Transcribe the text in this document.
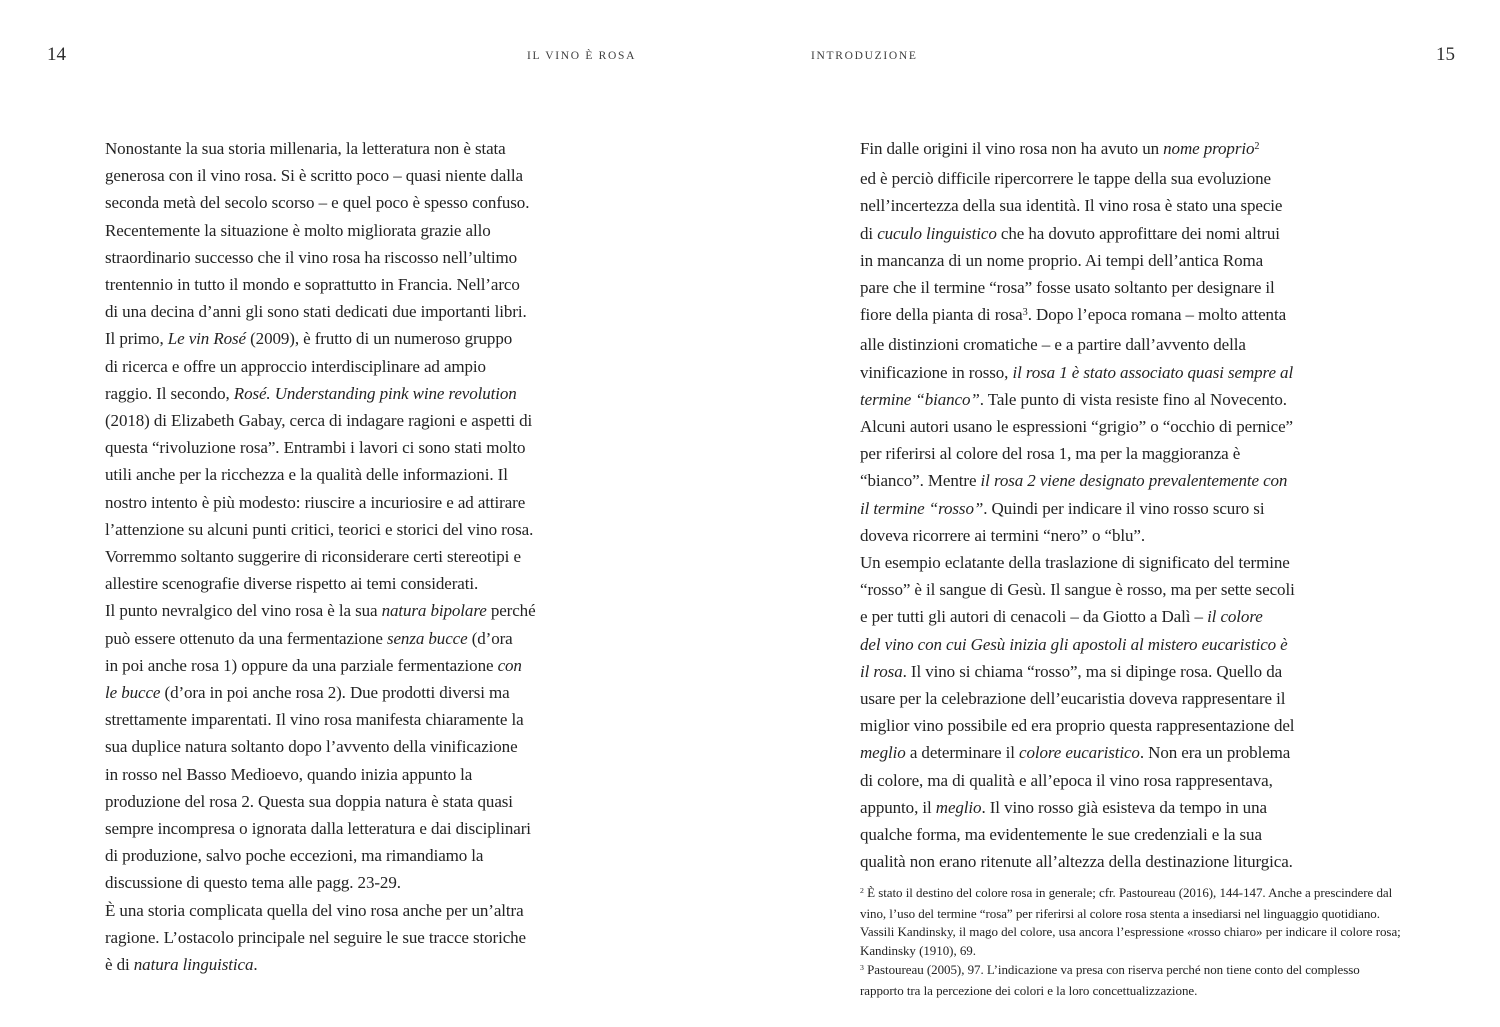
14	IL VINO È ROSA	INTRODUZIONE	15
Nonostante la sua storia millenaria, la letteratura non è stata
generosa con il vino rosa. Si è scritto poco – quasi niente dalla
seconda metà del secolo scorso – e quel poco è spesso confuso.
Recentemente la situazione è molto migliorata grazie allo
straordinario successo che il vino rosa ha riscosso nell’ultimo
trentennio in tutto il mondo e soprattutto in Francia. Nell’arco
di una decina d’anni gli sono stati dedicati due importanti libri.
Il primo, Le vin Rosé (2009), è frutto di un numeroso gruppo
di ricerca e offre un approccio interdisciplinare ad ampio
raggio. Il secondo, Rosé. Understanding pink wine revolution
(2018) di Elizabeth Gabay, cerca di indagare ragioni e aspetti di
questa “rivoluzione rosa”. Entrambi i lavori ci sono stati molto
utili anche per la ricchezza e la qualità delle informazioni. Il
nostro intento è più modesto: riuscire a incuriosire e ad attirare
l’attenzione su alcuni punti critici, teorici e storici del vino rosa.
Vorremmo soltanto suggerire di riconsiderare certi stereotipi e
allestire scenografie diverse rispetto ai temi considerati.
Il punto nevralgico del vino rosa è la sua natura bipolare perché
può essere ottenuto da una fermentazione senza bucce (d’ora
in poi anche rosa 1) oppure da una parziale fermentazione con
le bucce (d’ora in poi anche rosa 2). Due prodotti diversi ma
strettamente imparentati. Il vino rosa manifesta chiaramente la
sua duplice natura soltanto dopo l’avvento della vinificazione
in rosso nel Basso Medioevo, quando inizia appunto la
produzione del rosa 2. Questa sua doppia natura è stata quasi
sempre incompresa o ignorata dalla letteratura e dai disciplinari
di produzione, salvo poche eccezioni, ma rimandiamo la
discussione di questo tema alle pagg. 23-29.
È una storia complicata quella del vino rosa anche per un’altra
ragione. L’ostacolo principale nel seguire le sue tracce storiche
è di natura linguistica.
Fin dalle origini il vino rosa non ha avuto un nome proprio$^2$
ed è perciò difficile ripercorrere le tappe della sua evoluzione
nell’incertezza della sua identità. Il vino rosa è stato una specie
di cuculo linguistico che ha dovuto approfittare dei nomi altrui
in mancanza di un nome proprio. Ai tempi dell’antica Roma
pare che il termine “rosa” fosse usato soltanto per designare il
fiore della pianta di rosa$^3$. Dopo l’epoca romana – molto attenta
alle distinzioni cromatiche – e a partire dall’avvento della
vinificazione in rosso, il rosa 1 è stato associato quasi sempre al
termine “bianco”. Tale punto di vista resiste fino al Novecento.
Alcuni autori usano le espressioni “grigio” o “occhio di pernice”
per riferirsi al colore del rosa 1, ma per la maggioranza è
“bianco”. Mentre il rosa 2 viene designato prevalentemente con
il termine “rosso”. Quindi per indicare il vino rosso scuro si
doveva ricorrere ai termini “nero” o “blu”.
Un esempio eclatante della traslazione di significato del termine
“rosso” è il sangue di Gesù. Il sangue è rosso, ma per sette secoli
e per tutti gli autori di cenacoli – da Giotto a Dalì – il colore
del vino con cui Gesù inizia gli apostoli al mistero eucaristico è
il rosa. Il vino si chiama “rosso”, ma si dipinge rosa. Quello da
usare per la celebrazione dell’eucaristia doveva rappresentare il
miglior vino possibile ed era proprio questa rappresentazione del
meglio a determinare il colore eucaristico. Non era un problema
di colore, ma di qualità e all’epoca il vino rosa rappresentava,
appunto, il meglio. Il vino rosso già esisteva da tempo in una
qualche forma, ma evidentemente le sue credenziali e la sua
qualità non erano ritenute all’altezza della destinazione liturgica.

$^2$ È stato il destino del colore rosa in generale; cfr. Pastoureau (2016), 144-147. Anche a prescindere dal vino, l’uso del termine “rosa” per riferirsi al colore rosa stenta a insediarsi nel linguaggio quotidiano. Vassili Kandinsky, il mago del colore, usa ancora l’espressione «rosso chiaro» per indicare il colore rosa; Kandinsky (1910), 69.

$^3$ Pastoureau (2005), 97. L’indicazione va presa con riserva perché non tiene conto del complesso rapporto tra la percezione dei colori e la loro concettualizzazione.
